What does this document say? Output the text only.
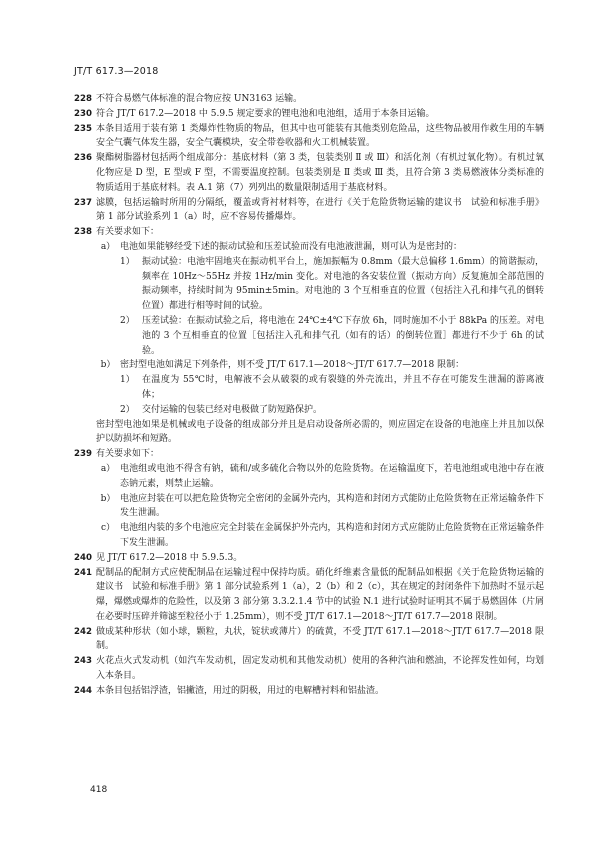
JT/T 617.3—2018
228 不符合易燃气体标准的混合物应按 UN3163 运输。
230 符合 JT/T 617.2—2018 中 5.9.5 规定要求的锂电池和电池组，适用于本条目运输。
235 本条目适用于装有第 1 类爆炸性物质的物品，但其中也可能装有其他类别危险品，这些物品被用作救生用的车辆安全气囊气体发生器，安全气囊模块，安全带卷收器和火工机械装置。
236 聚酯树脂器材包括两个组成部分：基底材料（第 3 类，包装类别 Ⅱ 或 Ⅲ）和活化剂（有机过氧化物）。有机过氧化物应是 D 型，E 型或 F 型，不需要温度控制。包装类别是 Ⅱ 类或 Ⅲ 类，且符合第 3 类易燃液体分类标准的物质适用于基底材料。表 A.1 第（7）列列出的数量限制适用于基底材料。
237 滤膜，包括运输时所用的分隔纸，覆盖或背衬材料等，在进行《关于危险货物运输的建议书　试验和标准手册》第 1 部分试验系列 1（a）时，应不容易传播爆炸。
238 有关要求如下：
a） 电池如果能够经受下述的振动试验和压差试验而没有电池液泄漏，则可认为是密封的：
1） 振动试验：电池牢固地夹在振动机平台上，施加振幅为 0.8mm（最大总偏移 1.6mm）的简谐振动，频率在 10Hz～55Hz 并按 1Hz/min 变化。对电池的各安装位置（振动方向）反复施加全部范围的振动频率，持续时间为 95min±5min。对电池的 3 个互相垂直的位置（包括注入孔和排气孔的倒转位置）都进行相等时间的试验。
2） 压差试验：在振动试验之后，将电池在 24℃±4℃下存放 6h，同时施加不小于 88kPa 的压差。对电池的 3 个互相垂直的位置［包括注入孔和排气孔（如有的话）的倒转位置］都进行不少于 6h 的试验。
b） 密封型电池如满足下列条件，则不受 JT/T 617.1—2018～JT/T 617.7—2018 限制：
1） 在温度为 55℃时，电解液不会从破裂的或有裂缝的外壳流出，并且不存在可能发生泄漏的游离液体；
2） 交付运输的包装已经对电极做了防短路保护。
密封型电池如果是机械或电子设备的组成部分并且是启动设备所必需的，则应固定在设备的电池座上并且加以保护以防损坏和短路。
239 有关要求如下：
a） 电池组或电池不得含有钠，硫和/或多硫化合物以外的危险货物。在运输温度下，若电池组或电池中存在液态钠元素，则禁止运输。
b） 电池应封装在可以把危险货物完全密闭的金属外壳内，其构造和封闭方式能防止危险货物在正常运输条件下发生泄漏。
c） 电池组内装的多个电池应完全封装在金属保护外壳内，其构造和封闭方式应能防止危险货物在正常运输条件下发生泄漏。
240 见 JT/T 617.2—2018 中 5.9.5.3。
241 配制品的配制方式应使配制品在运输过程中保持均质。硝化纤维素含量低的配制品如根据《关于危险货物运输的建议书　试验和标准手册》第 1 部分试验系列 1（a），2（b）和 2（c），其在规定的封闭条件下加热时不显示起爆，爆燃或爆炸的危险性，以及第 3 部分第 3.3.2.1.4 节中的试验 N.1 进行试验时证明其不属于易燃固体（片屑在必要时压碎并筛滤至粒径小于 1.25mm），则不受 JT/T 617.1—2018～JT/T 617.7—2018 限制。
242 做成某种形状（如小球，颗粒，丸状，锭状或薄片）的硫黄，不受 JT/T 617.1—2018～JT/T 617.7—2018 限制。
243 火花点火式发动机（如汽车发动机，固定发动机和其他发动机）使用的各种汽油和燃油，不论挥发性如何，均划入本条目。
244 本条目包括铝浮渣，铝撇渣，用过的阴极，用过的电解槽衬料和铝盐渣。
418
